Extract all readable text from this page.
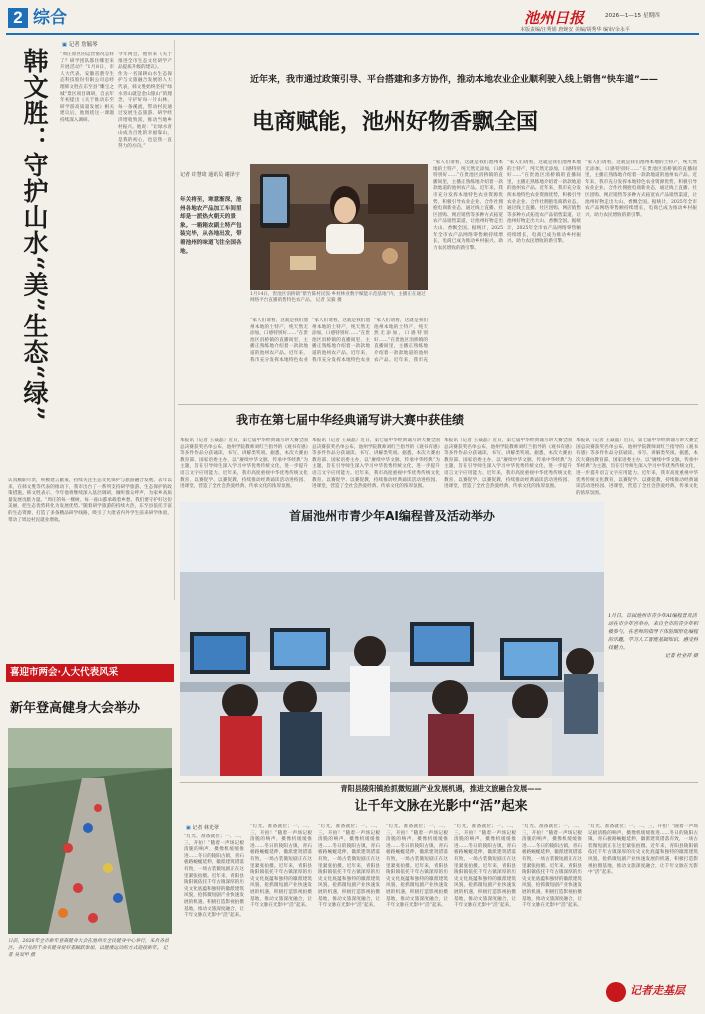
2 综合	池州日报	2026—1—15 星期四
本版责编/汪秀娟 唐婉安 美编/胡秀华 编审/余永平
▣ 记者 詹毓琴
韩文胜：守护山水“美”生态“绿”	“周庄原区的运营情况怎样了？研学团队都住哪里来开展活动？”1月8日，市人大代表、安徽省潜寺生态科技股份有限公司总经理韩文胜在东至县“雕宝之城”景区项目调研，自去年年初提出《关于推动东至研学游高质量发展》相关建议后，他围绕这一课题持续深入调研。

今年两会，他带来《关于推进全市生态文化研学产品提质升级的建议》。

作为一名深耕山水生态保护与文旅融合发展的人大代表，韩文胜始终坚持“绿水青山就是金山银山”的理念，守护好每一片山林，每一条溪流，带动村民通过发展生态旅游、研学经济增收致富，推动当地乡村振兴。他说：“让绿水青山成为百姓的幸福靠山，是我的初心，也是我一直努力的方向。”

认真履职尽责，积极建言献策，持续关注生态文化保护与旅游融合发展。去年以来，在韩文胜等代表的推动下，我市出台了一系列支持研学旅游、生态保护的政策措施。韩文胜表示，今年他将继续深入基层调研，倾听群众呼声，为家乡高质量发展贡献力量。“周庄的每一棵树、每一座山都承载着乡愁，我们要守护好这份美丽，把生态优势转化为发展优势。”随着研学旅游的持续火热，东至县依托丰富的生态资源，打造了多条精品研学线路，吸引了大批省内外学生前来研学体验，带动了周边村民就业增收。

近年来，我市通过政策引导、平台搭建和多方协作，推动本地农业企业顺利驶入线上销售“快车道”——
电商赋能，池州好物香飘全国
年关将至，寒意渐深，池州各地农产品加工车间里却是一派热火朝天的景象。一箱箱农副土特产包装完毕，从各地出发，带着池州的味道飞往全国各地。
记者 许慧琦 通讯员 谢泽宇
1月14日，贵池区涓桥镇“紫竹陈村民饭·乡村林业数字赋能示范基地”内，主播正在通过网络平台直播销售特色农产品。 记者 吴毅 摄

“家人们请看，这就是我们池州本地的土特产，纯天然无添加，口感特别好……”在贵池区涓桥镇的直播间里，主播正熟练地介绍着一款款地道的池州农产品。近年来，我市充分发挥本地特色农业

“家人们请看，这就是我们池州本地的土特产，纯天然无添加，口感特别好……”在贵池区涓桥镇的直播间里，主播正熟练地介绍着一款款地道的池州农产品。近年来，我市充分发挥本地特色农业

“家人们请看，这就是我们池州本地的土特产，纯天然无添加，口感特别好……”在贵池区涓桥镇的直播间里，主播正熟练地介绍着一款款地道的池州农产品。近年来，我市充

“家人们请看，这就是我们池州本地的土特产，纯天然无添加，口感特别好……”在贵池区涓桥镇的直播间里，主播正熟练地介绍着一款款地道的池州农产品。近年来，我市充分发挥本地特色农业资源优势，积极引导农业企业、合作社拥抱电商新业态，通过线上直播、社区团购、网店销售等多种方式拓宽农产品销售渠道，让池州好物走出大山、香飘全国。据统计，2025年全市农产品网络零售额持续增长，电商已成为推动乡村振兴、助力农民增收的新引擎。

“家人们请看，这就是我们池州本地的土特产，纯天然无添加，口感特别好……”在贵池区涓桥镇的直播间里，主播正熟练地介绍着一款款地道的池州农产品。近年来，我市充分发挥本地特色农业资源优势，积极引导农业企业、合作社拥抱电商新业态，通过线上直播、社区团购、网店销售等多种方式拓宽农产品销售渠道，让池州好物走出大山、香飘全国。据统计，2025年全市农产品网络零售额持续增长，电商已成为推动乡村振兴、助力农民增收的新引擎。

“家人们请看，这就是我们池州本地的土特产，纯天然无添加，口感特别好……”在贵池区涓桥镇的直播间里，主播正熟练地介绍着一款款地道的池州农产品。近年来，我市充分发挥本地特色农业资源优势，积极引导农业企业、合作社拥抱电商新业态，通过线上直播、社区团购、网店销售等多种方式拓宽农产品销售渠道，让池州好物走出大山、香飘全国。据统计，2025年全市农产品网络零售额持续增长，电商已成为推动乡村振兴、助力农民增收的新引擎。

我市在第七届中华经典诵写讲大赛中获佳绩

本报讯（记者 王焱晶）近日，第七届中华经典诵写讲大赛全国总决赛获奖名单公布，池州学院教师刘红兰指导的《观书有感》等多件作品分获诵读、书写、讲解类奖项。据悉，本次大赛由教育部、国家语委主办，以“赓续中华文脉，传承中华经典”为主题，旨在引导师生深入学习中华优秀传统文化，进一步提升语言文字应用能力。近年来，我市高度重视中华优秀传统文化教育，以赛促学、以赛促教，持续推动经典诵读活动进校园、进课堂，营造了全社会热爱经典、传承文化的浓厚氛围。

本报讯（记者 王焱晶）近日，第七届中华经典诵写讲大赛全国总决赛获奖名单公布，池州学院教师刘红兰指导的《观书有感》等多件作品分获诵读、书写、讲解类奖项。据悉，本次大赛由教育部、国家语委主办，以“赓续中华文脉，传承中华经典”为主题，旨在引导师生深入学习中华优秀传统文化，进一步提升语言文字应用能力。近年来，我市高度重视中华优秀传统文化教育，以赛促学、以赛促教，持续推动经典诵读活动进校园、进课堂，营造了全社会热爱经典、传承文化的浓厚氛围。

本报讯（记者 王焱晶）近日，第七届中华经典诵写讲大赛全国总决赛获奖名单公布，池州学院教师刘红兰指导的《观书有感》等多件作品分获诵读、书写、讲解类奖项。据悉，本次大赛由教育部、国家语委主办，以“赓续中华文脉，传承中华经典”为主题，旨在引导师生深入学习中华优秀传统文化，进一步提升语言文字应用能力。近年来，我市高度重视中华优秀传统文化教育，以赛促学、以赛促教，持续推动经典诵读活动进校园、进课堂，营造了全社会热爱经典、传承文化的浓厚氛围。

本报讯（记者 王焱晶）近日，第七届中华经典诵写讲大赛全国总决赛获奖名单公布，池州学院教师刘红兰指导的《观书有感》等多件作品分获诵读、书写、讲解类奖项。据悉，本次大赛由教育部、国家语委主办，以“赓续中华文脉，传承中华经典”为主题，旨在引导师生深入学习中华优秀传统文化，进一步提升语言文字应用能力。近年来，我市高度重视中华优秀传统文化教育，以赛促学、以赛促教，持续推动经典诵读活动进校园、进课堂，营造了全社会热爱经典、传承文化的浓厚氛围。

首届池州市青少年AI编程普及活动举办
1月日，首届池州市青少年AI编程普及活动在市少年宫举办，来自全市的青少年积极参与，在老师的指导下体验图形化编程的乐趣，学习人工智能基础知识，感受科技魅力。

记者 杜业祥 摄
喜迎市两会·人大代表风采
新年登高健身大会举办
日前，2026年全市新年登高健身大会在池州市全民健身中心举行，来自各县区、各行业的千余名健身爱好者踊跃参加，以健康运动的方式迎接新年。 记者 吴双甲 摄
青阳县陵阳镇抢抓微短剧产业发展机遇，推进文旅融合发展——
让千年文脉在光影中“活”起来
▣ 记者 林光翠

“灯光、准备就位；一、二、三，开拍！”随着一声场记板清脆的响声，摄像机缓缓推进……冬日的陵阳古镇，青石板路蜿蜒延伸，徽派建筑错落有致，一场古装微短剧正在这里紧张拍摄。近年来，青阳县陵阳镇依托千年古镇深厚的历史文化底蕴和独特的徽派建筑风貌，抢抓微短剧产业快速发展的机遇，积极打造影视拍摄基地，推动文旅深度融合，让千年文脉在光影中“活”起来。

“灯光、准备就位；一、二、三，开拍！”随着一声场记板清脆的响声，摄像机缓缓推进……冬日的陵阳古镇，青石板路蜿蜒延伸，徽派建筑错落有致，一场古装微短剧正在这里紧张拍摄。近年来，青阳县陵阳镇依托千年古镇深厚的历史文化底蕴和独特的徽派建筑风貌，抢抓微短剧产业快速发展的机遇，积极打造影视拍摄基地，推动文旅深度融合，让千年文脉在光影中“活”起来。

“灯光、准备就位；一、二、三，开拍！”随着一声场记板清脆的响声，摄像机缓缓推进……冬日的陵阳古镇，青石板路蜿蜒延伸，徽派建筑错落有致，一场古装微短剧正在这里紧张拍摄。近年来，青阳县陵阳镇依托千年古镇深厚的历史文化底蕴和独特的徽派建筑风貌，抢抓微短剧产业快速发展的机遇，积极打造影视拍摄基地，推动文旅深度融合，让千年文脉在光影中“活”起来。

“灯光、准备就位；一、二、三，开拍！”随着一声场记板清脆的响声，摄像机缓缓推进……冬日的陵阳古镇，青石板路蜿蜒延伸，徽派建筑错落有致，一场古装微短剧正在这里紧张拍摄。近年来，青阳县陵阳镇依托千年古镇深厚的历史文化底蕴和独特的徽派建筑风貌，抢抓微短剧产业快速发展的机遇，积极打造影视拍摄基地，推动文旅深度融合，让千年文脉在光影中“活”起来。

“灯光、准备就位；一、二、三，开拍！”随着一声场记板清脆的响声，摄像机缓缓推进……冬日的陵阳古镇，青石板路蜿蜒延伸，徽派建筑错落有致，一场古装微短剧正在这里紧张拍摄。近年来，青阳县陵阳镇依托千年古镇深厚的历史文化底蕴和独特的徽派建筑风貌，抢抓微短剧产业快速发展的机遇，积极打造影视拍摄基地，推动文旅深度融合，让千年文脉在光影中“活”起来。

“灯光、准备就位；一、二、三，开拍！”随着一声场记板清脆的响声，摄像机缓缓推进……冬日的陵阳古镇，青石板路蜿蜒延伸，徽派建筑错落有致，一场古装微短剧正在这里紧张拍摄。近年来，青阳县陵阳镇依托千年古镇深厚的历史文化底蕴和独特的徽派建筑风貌，抢抓微短剧产业快速发展的机遇，积极打造影视拍摄基地，推动文旅深度融合，让千年文脉在光影中“活”起来。

“灯光、准备就位；一、二、三，开拍！”随着一声场记板清脆的响声，摄像机缓缓推进……冬日的陵阳古镇，青石板路蜿蜒延伸，徽派建筑错落有致，一场古装微短剧正在这里紧张拍摄。近年来，青阳县陵阳镇依托千年古镇深厚的历史文化底蕴和独特的徽派建筑风貌，抢抓微短剧产业快速发展的机遇，积极打造影视拍摄基地，推动文旅深度融合，让千年文脉在光影中“活”起来。

记者走基层
